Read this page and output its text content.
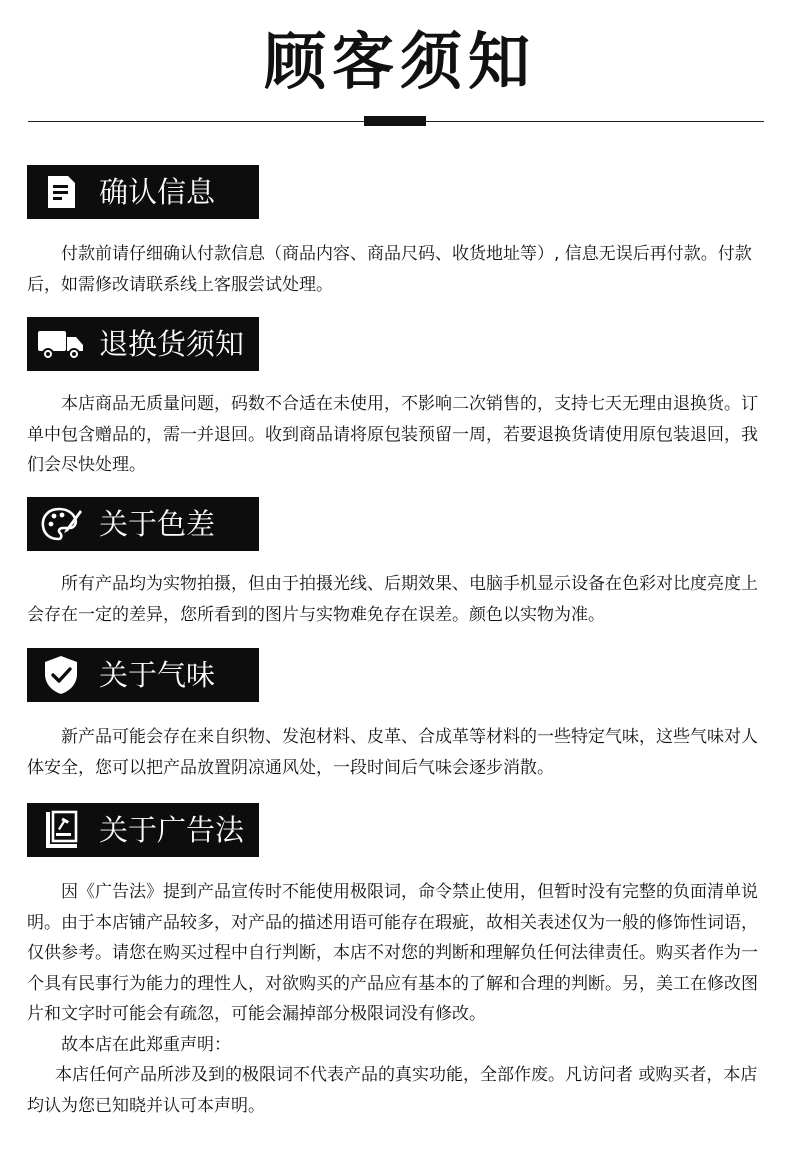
顾客须知
确认信息

付款前请仔细确认付款信息（商品内容、商品尺码、收货地址等）, 信息无误后再付款。付款后，如需修改请联系线上客服尝试处理。

退换货须知

本店商品无质量问题，码数不合适在未使用，不影响二次销售的，支持七天无理由退换货。订单中包含赠品的，需一并退回。收到商品请将原包装预留一周，若要退换货请使用原包装退回，我们会尽快处理。

关于色差

所有产品均为实物拍摄，但由于拍摄光线、后期效果、电脑手机显示设备在色彩对比度亮度上会存在一定的差异，您所看到的图片与实物难免存在误差。颜色以实物为准。

关于气味

新产品可能会存在来自织物、发泡材料、皮革、合成革等材料的一些特定气味，这些气味对人体安全，您可以把产品放置阴凉通风处，一段时间后气味会逐步消散。

关于广告法

因《广告法》提到产品宣传时不能使用极限词，命令禁止使用，但暂时没有完整的负面清单说明。由于本店铺产品较多，对产品的描述用语可能存在瑕疵，故相关表述仅为一般的修饰性词语，仅供参考。请您在购买过程中自行判断，本店不对您的判断和理解负任何法律责任。购买者作为一个具有民事行为能力的理性人，对欲购买的产品应有基本的了解和合理的判断。另，美工在修改图片和文字时可能会有疏忽，可能会漏掉部分极限词没有修改。

故本店在此郑重声明：

本店任何产品所涉及到的极限词不代表产品的真实功能，全部作废。凡访问者 或购买者，本店均认为您已知晓并认可本声明。
